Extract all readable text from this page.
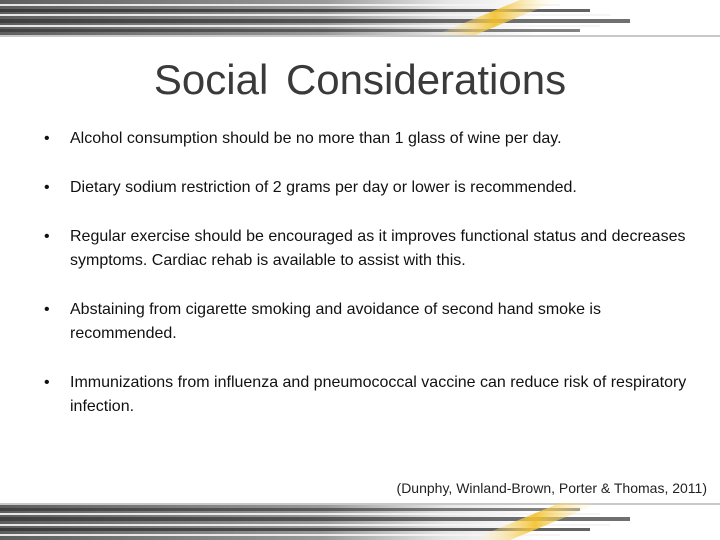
Social Considerations
•	Alcohol consumption should be no more than 1 glass of wine per day.
•	Dietary sodium restriction of 2 grams per day or lower is recommended.
•	Regular exercise should be encouraged as it improves functional status and decreases symptoms. Cardiac rehab is available to assist with this.
•	Abstaining from cigarette smoking and avoidance of second hand smoke is recommended.
•	Immunizations from influenza and pneumococcal vaccine can reduce risk of respiratory infection.
(Dunphy, Winland-Brown, Porter & Thomas, 2011)
